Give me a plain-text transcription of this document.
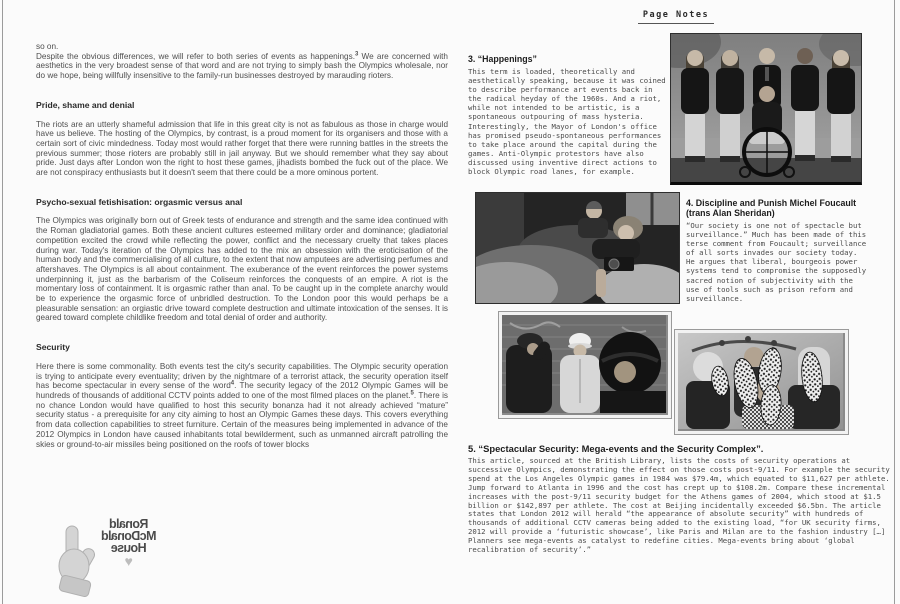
so on.
Despite the obvious differences, we will refer to both series of events as happenings.$^3$ We are concerned with aesthetics in the very broadest sense of that word and are not trying to simply bash the Olympics wholesale, nor do we hope, being willfully insensitive to the family-run businesses destroyed by marauding rioters.
Pride, shame and denial
The riots are an utterly shameful admission that life in this great city is not as fabulous as those in charge would have us believe. The hosting of the Olympics, by contrast, is a proud moment for its organisers and those with a certain sort of civic mindedness. Today most would rather forget that there were running battles in the streets the previous summer; those rioters are probably still in jail anyway. But we should remember what they say about pride. Just days after London won the right to host these games, jihadists bombed the fuck out of the place. We are not conspiracy enthusiasts but it doesn't seem that there could be a more ominous portent.
Psycho-sexual fetishisation: orgasmic versus anal
The Olympics was originally born out of Greek tests of endurance and strength and the same idea continued with the Roman gladiatorial games. Both these ancient cultures esteemed military order and dominance; gladiatorial competition excited the crowd while reflecting the power, conflict and the necessary cruelty that takes places during war. Today's iteration of the Olympics has added to the mix an obsession with the eroticisation of the human body and the commercialising of all culture, to the extent that now amputees are advertising perfumes and aftershaves. The Olympics is all about containment. The exuberance of the event reinforces the power systems underpinning it, just as the barbarism of the Coliseum reinforces the conquests of an empire. A riot is the momentary loss of containment. It is orgasmic rather than anal. To be caught up in the complete anarchy would be to experience the orgasmic force of unbridled destruction. To the London poor this would perhaps be a pleasurable sensation: an orgiastic drive toward complete destruction and ultimate intoxication of the senses. It is geared toward complete childlike freedom and total denial of order and authority.
Security
Here there is some commonality. Both events test the city's security capabilities. The Olympic security operation is trying to anticipate every eventuality; driven by the nightmare of a terrorist attack, the security operation itself has become spectacular in every sense of the word$^4$. The security legacy of the 2012 Olympic Games will be hundreds of thousands of additional CCTV points added to one of the most filmed places on the planet.$^5$. There is no chance London would have qualified to host this security bonanza had it not already achieved “mature” security status - a prerequisite for any city aiming to host an Olympic Games these days. This covers everything from data collection capabilities to street furniture. Certain of the measures being implemented in advance of the 2012 Olympics in London have caused inhabitants total bewilderment, such as unmanned aircraft patrolling the skies or ground-to-air missiles being positioned on the roofs of tower blocks
Ronald
McDonald
House
♥
Page Notes
3. “Happenings”
This term is loaded, theoretically and aesthetically speaking, because it was coined to describe performance art events back in the radical heyday of the 1960s. And a riot, while not intended to be artistic, is a spontaneous outpouring of mass hysteria. Interestingly, the Mayor of London's office has promised pseudo-spontaneous performances to take place around the capital during the games. Anti-Olympic protestors have also discussed using inventive direct actions to block Olympic road lanes, for example.
4. Discipline and Punish Michel Foucault
(trans Alan Sheridan)
“Our society is one not of spectacle but surveillance.” Much has been made of this terse comment from Foucault; surveillance of all sorts invades our society today. He argues that liberal, bourgeois power systems tend to compromise the supposedly sacred notion of subjectivity with the use of tools such as prison reform and surveillance.
5. “Spectacular Security: Mega-events and the Security Complex”.
This article, sourced at the British Library, lists the costs of security operations at successive Olympics, demonstrating the effect on those costs post-9/11. For example the security spend at the Los Angeles Olympic games in 1984 was $79.4m, which equated to $11,627 per athlete. Jump forward to Atlanta in 1996 and the cost has crept up to $108.2m. Compare these incremental increases with the post-9/11 security budget for the Athens games of 2004, which stood at $1.5 billion or $142,897 per athlete. The cost at Beijing incidentally exceeded $6.5bn. The article states that London 2012 will herald “the appearance of absolute security” with hundreds of thousands of additional CCTV cameras being added to the existing load, “for UK security firms, 2012 will provide a ‘futuristic showcase’, like Paris and Milan are to the fashion industry […] Planners see mega-events as catalyst to redefine cities. Mega-events bring about ‘global recalibration of security’.”
